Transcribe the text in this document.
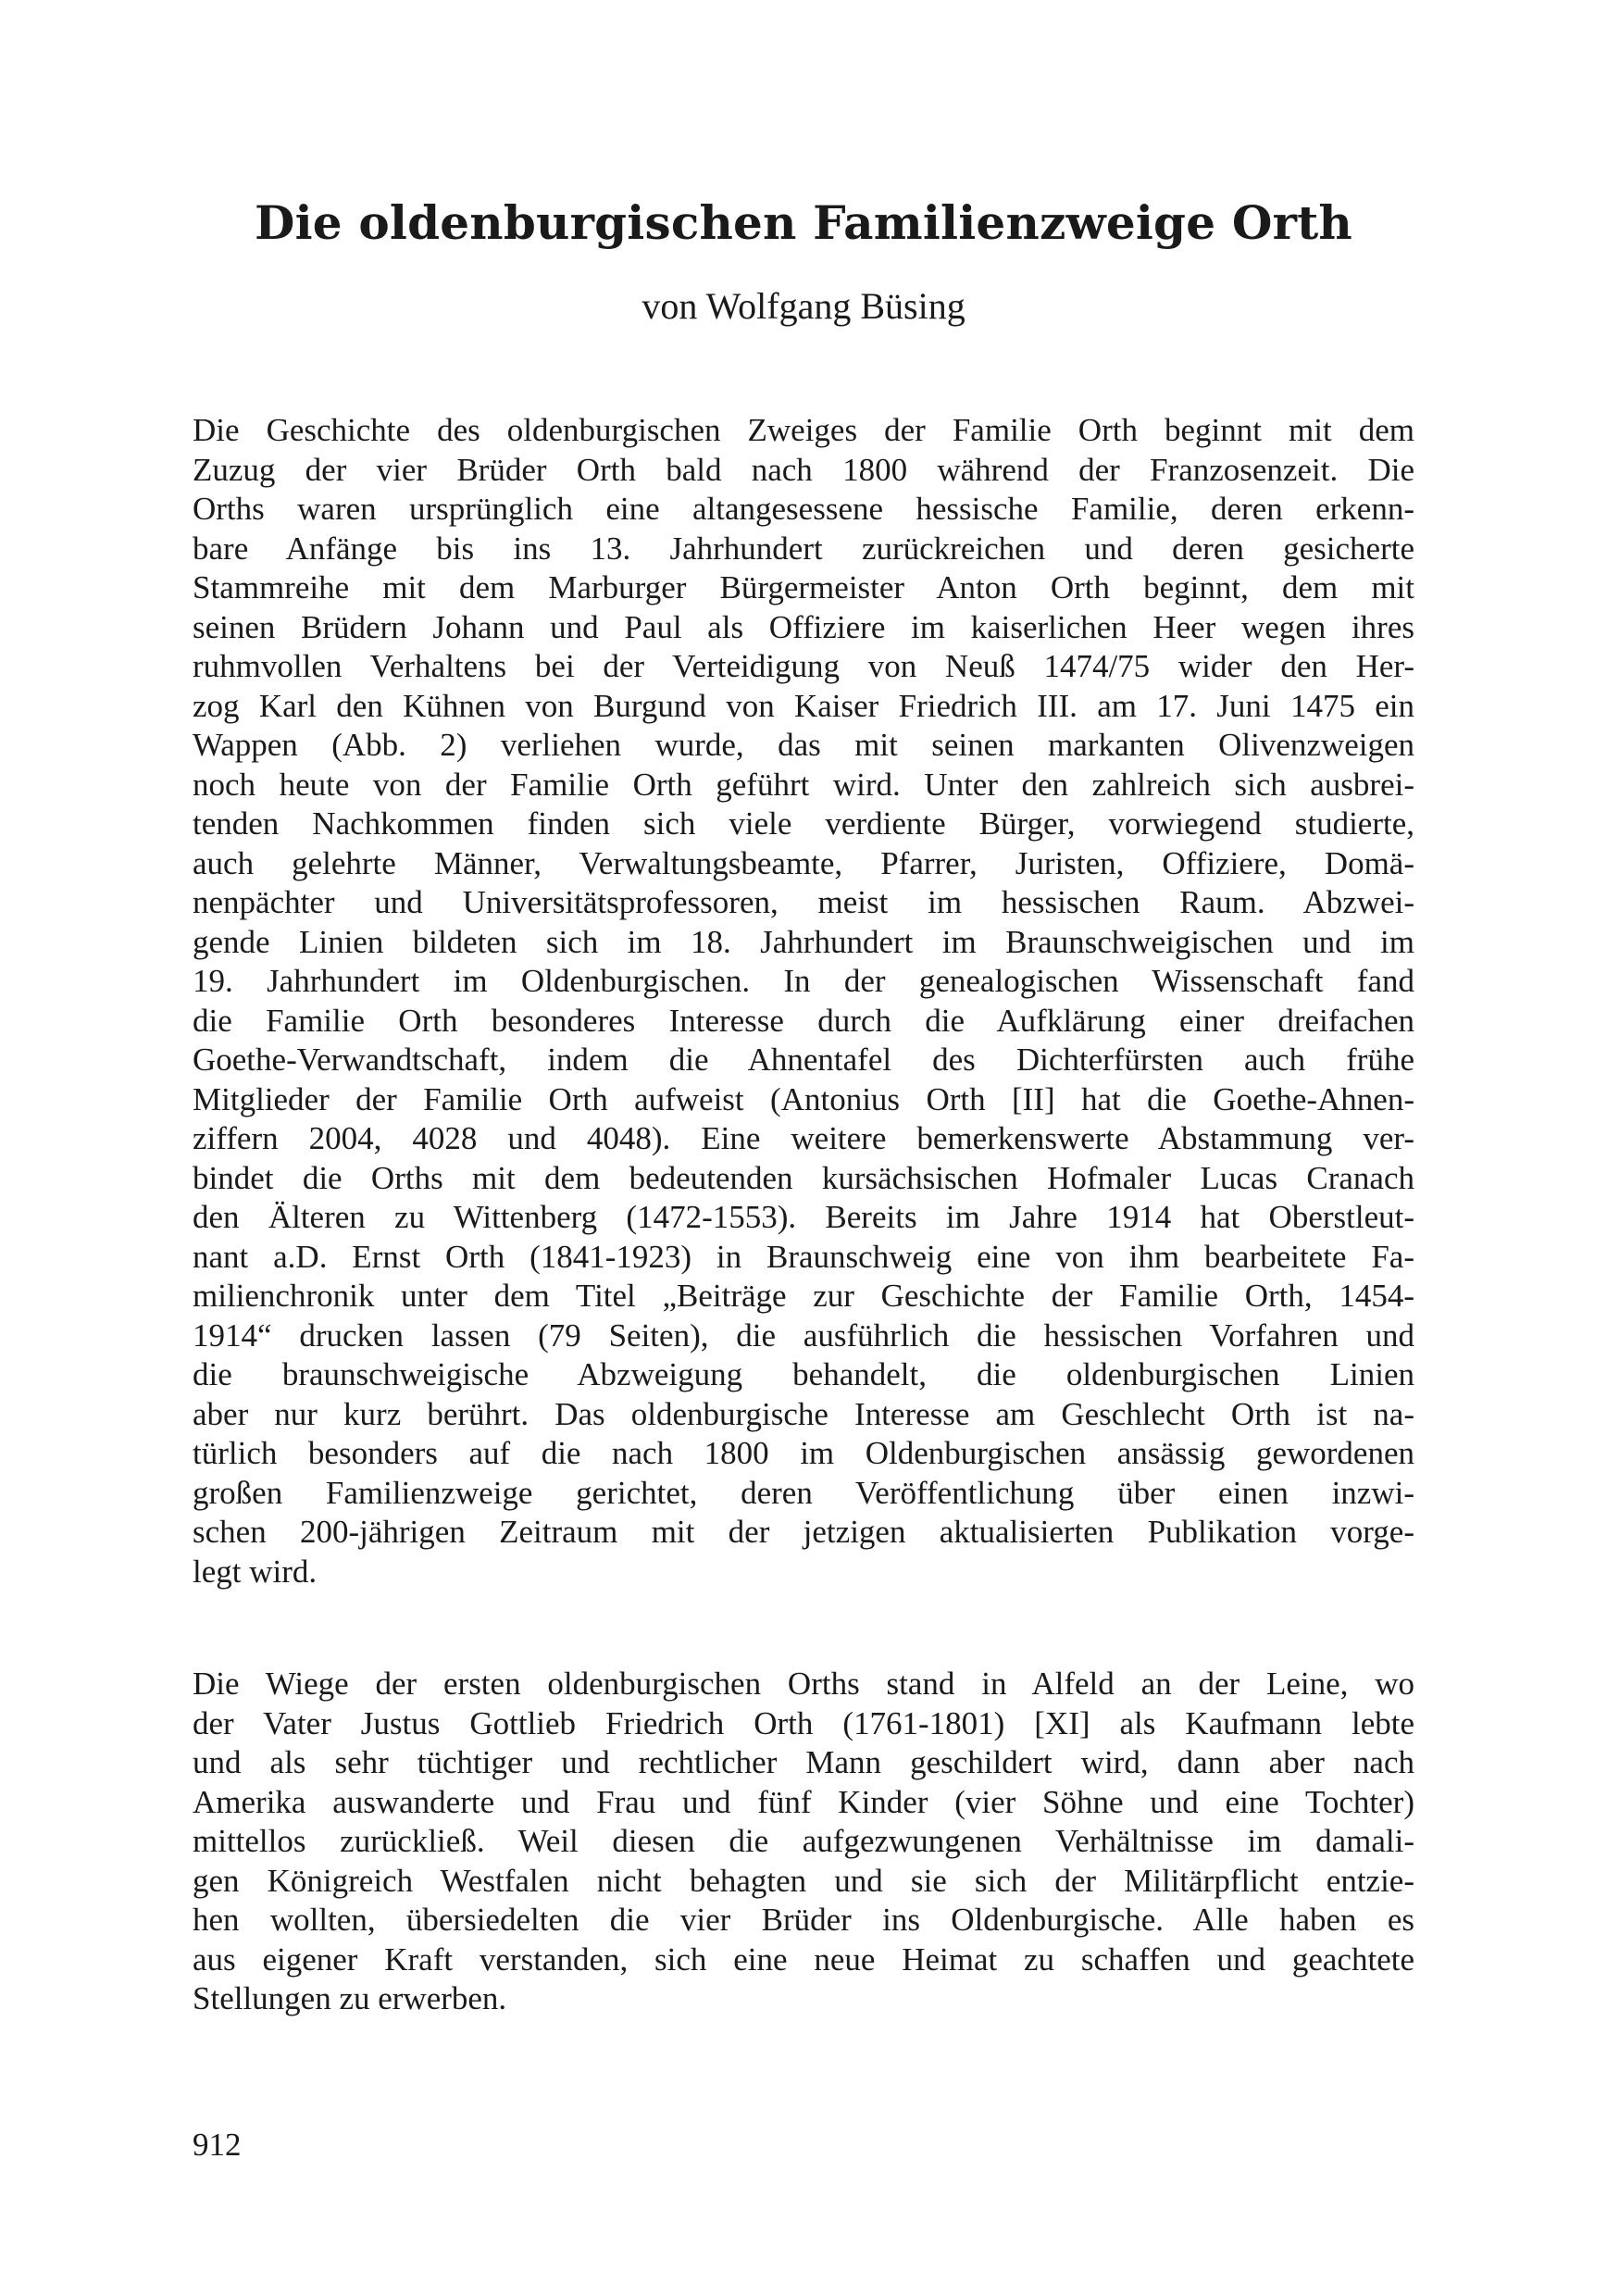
Die oldenburgischen Familienzweige Orth
von Wolfgang Büsing
Die Geschichte des oldenburgischen Zweiges der Familie Orth beginnt mit dem
Zuzug der vier Brüder Orth bald nach 1800 während der Franzosenzeit. Die
Orths waren ursprünglich eine altangesessene hessische Familie, deren erkenn-
bare Anfänge bis ins 13. Jahrhundert zurückreichen und deren gesicherte
Stammreihe mit dem Marburger Bürgermeister Anton Orth beginnt, dem mit
seinen Brüdern Johann und Paul als Offiziere im kaiserlichen Heer wegen ihres
ruhmvollen Verhaltens bei der Verteidigung von Neuß 1474/75 wider den Her-
zog Karl den Kühnen von Burgund von Kaiser Friedrich III. am 17. Juni 1475 ein
Wappen (Abb. 2) verliehen wurde, das mit seinen markanten Olivenzweigen
noch heute von der Familie Orth geführt wird. Unter den zahlreich sich ausbrei-
tenden Nachkommen finden sich viele verdiente Bürger, vorwiegend studierte,
auch gelehrte Männer, Verwaltungsbeamte, Pfarrer, Juristen, Offiziere, Domä-
nenpächter und Universitätsprofessoren, meist im hessischen Raum. Abzwei-
gende Linien bildeten sich im 18. Jahrhundert im Braunschweigischen und im
19. Jahrhundert im Oldenburgischen. In der genealogischen Wissenschaft fand
die Familie Orth besonderes Interesse durch die Aufklärung einer dreifachen
Goethe-Verwandtschaft, indem die Ahnentafel des Dichterfürsten auch frühe
Mitglieder der Familie Orth aufweist (Antonius Orth [II] hat die Goethe-Ahnen-
ziffern 2004, 4028 und 4048). Eine weitere bemerkenswerte Abstammung ver-
bindet die Orths mit dem bedeutenden kursächsischen Hofmaler Lucas Cranach
den Älteren zu Wittenberg (1472-1553). Bereits im Jahre 1914 hat Oberstleut-
nant a.D. Ernst Orth (1841-1923) in Braunschweig eine von ihm bearbeitete Fa-
milienchronik unter dem Titel „Beiträge zur Geschichte der Familie Orth, 1454-
1914“ drucken lassen (79 Seiten), die ausführlich die hessischen Vorfahren und
die braunschweigische Abzweigung behandelt, die oldenburgischen Linien
aber nur kurz berührt. Das oldenburgische Interesse am Geschlecht Orth ist na-
türlich besonders auf die nach 1800 im Oldenburgischen ansässig gewordenen
großen Familienzweige gerichtet, deren Veröffentlichung über einen inzwi-
schen 200-jährigen Zeitraum mit der jetzigen aktualisierten Publikation vorge-
legt wird.
Die Wiege der ersten oldenburgischen Orths stand in Alfeld an der Leine, wo
der Vater Justus Gottlieb Friedrich Orth (1761-1801) [XI] als Kaufmann lebte
und als sehr tüchtiger und rechtlicher Mann geschildert wird, dann aber nach
Amerika auswanderte und Frau und fünf Kinder (vier Söhne und eine Tochter)
mittellos zurückließ. Weil diesen die aufgezwungenen Verhältnisse im damali-
gen Königreich Westfalen nicht behagten und sie sich der Militärpflicht entzie-
hen wollten, übersiedelten die vier Brüder ins Oldenburgische. Alle haben es
aus eigener Kraft verstanden, sich eine neue Heimat zu schaffen und geachtete
Stellungen zu erwerben.
912
